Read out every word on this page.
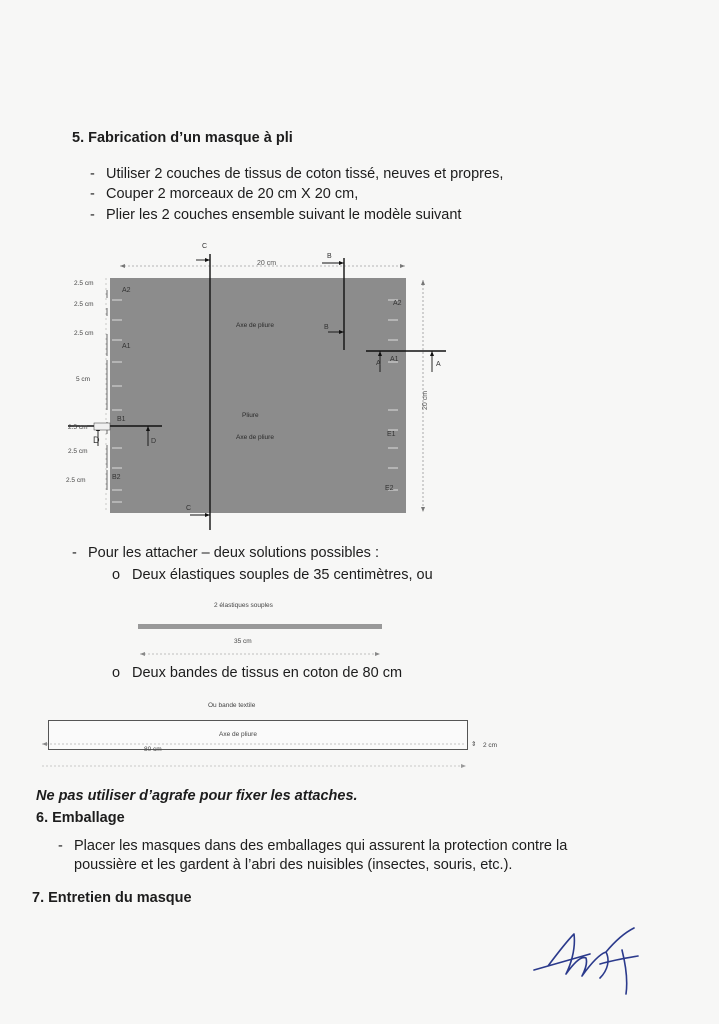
5. Fabrication d’un masque à pli
- Utiliser 2 couches de tissus de coton tissé, neuves et propres,
- Couper 2 morceaux de 20 cm X 20 cm,
- Plier les 2 couches ensemble suivant le modèle suivant
20 cm
20 cm
2.5 cm
2.5 cm
2.5 cm
5 cm
2.5 cm
2.5 cm
2.5 cm
Axe de pliure
Pliure
Axe de pliure
A2
A1
B1
B2
A2
A1
E1
E2
C
C
B
B
A	A
D	D
- Pour les attacher – deux solutions possibles :
o Deux élastiques souples de 35 centimètres, ou
2 élastiques souples
35 cm
o Deux bandes de tissus en coton de 80 cm
Ou bande textile
Axe de pliure
⇕ 2 cm
80 cm
Ne pas utiliser d’agrafe pour fixer les attaches.
6. Emballage
- Placer les masques dans des emballages qui assurent la protection contre la
poussière et les gardent à l’abri des nuisibles (insectes, souris, etc.).
7. Entretien du masque
